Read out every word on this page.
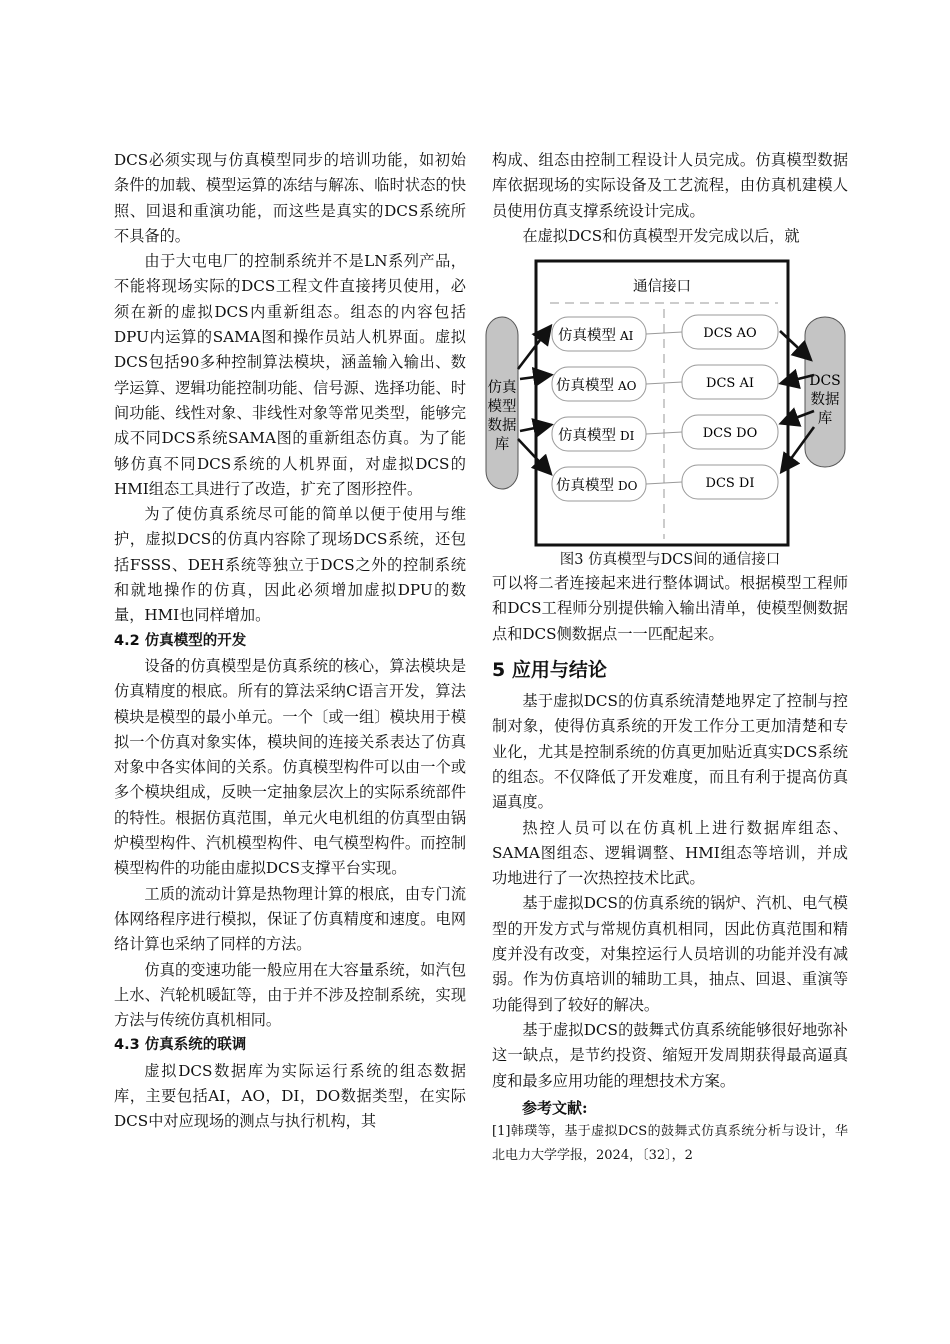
DCS必须实现与仿真模型同步的培训功能，如初始条件的加载、模型运算的冻结与解冻、临时状态的快照、回退和重演功能，而这些是真实的DCS系统所不具备的。

由于大屯电厂的控制系统并不是LN系列产品，不能将现场实际的DCS工程文件直接拷贝使用，必须在新的虚拟DCS内重新组态。组态的内容包括DPU内运算的SAMA图和操作员站人机界面。虚拟DCS包括90多种控制算法模块，涵盖输入输出、数学运算、逻辑功能控制功能、信号源、选择功能、时间功能、线性对象、非线性对象等常见类型，能够完成不同DCS系统SAMA图的重新组态仿真。为了能够仿真不同DCS系统的人机界面，对虚拟DCS的HMI组态工具进行了改造，扩充了图形控件。

为了使仿真系统尽可能的简单以便于使用与维护，虚拟DCS的仿真内容除了现场DCS系统，还包括FSSS、DEH系统等独立于DCS之外的控制系统和就地操作的仿真，因此必须增加虚拟DPU的数量，HMI也同样增加。

4.2 仿真模型的开发

设备的仿真模型是仿真系统的核心，算法模块是仿真精度的根底。所有的算法采纳C语言开发，算法模块是模型的最小单元。一个〔或一组〕模块用于模拟一个仿真对象实体，模块间的连接关系表达了仿真对象中各实体间的关系。仿真模型构件可以由一个或多个模块组成，反映一定抽象层次上的实际系统部件的特性。根据仿真范围，单元火电机组的仿真型由锅炉模型构件、汽机模型构件、电气模型构件。而控制模型构件的功能由虚拟DCS支撑平台实现。

工质的流动计算是热物理计算的根底，由专门流体网络程序进行模拟，保证了仿真精度和速度。电网络计算也采纳了同样的方法。

仿真的变速功能一般应用在大容量系统，如汽包上水、汽轮机暖缸等，由于并不涉及控制系统，实现方法与传统仿真机相同。

4.3 仿真系统的联调

虚拟DCS数据库为实际运行系统的组态数据库，主要包括AI，AO，DI，DO数据类型，在实际DCS中对应现场的测点与执行机构，其

构成、组态由控制工程设计人员完成。仿真模型数据库依据现场的实际设备及工艺流程，由仿真机建模人员使用仿真支撑系统设计完成。

在虚拟DCS和仿真模型开发完成以后，就

通信接口
仿真
模型
数据
库
DCS
数据
库
仿真模型 AI
仿真模型 AO
仿真模型 DI
仿真模型 DO
DCS AO
DCS AI
DCS DO
DCS DI

图3 仿真模型与DCS间的通信接口

可以将二者连接起来进行整体调试。根据模型工程师和DCS工程师分别提供输入输出清单，使模型侧数据点和DCS侧数据点一一匹配起来。

5 应用与结论

基于虚拟DCS的仿真系统清楚地界定了控制与控制对象，使得仿真系统的开发工作分工更加清楚和专业化，尤其是控制系统的仿真更加贴近真实DCS系统的组态。不仅降低了开发难度，而且有利于提高仿真逼真度。

热控人员可以在仿真机上进行数据库组态、SAMA图组态、逻辑调整、HMI组态等培训，并成功地进行了一次热控技术比武。

基于虚拟DCS的仿真系统的锅炉、汽机、电气模型的开发方式与常规仿真机相同，因此仿真范围和精度并没有改变，对集控运行人员培训的功能并没有减弱。作为仿真培训的辅助工具，抽点、回退、重演等功能得到了较好的解决。

基于虚拟DCS的鼓舞式仿真系统能够很好地弥补这一缺点，是节约投资、缩短开发周期获得最高逼真度和最多应用功能的理想技术方案。

参考文献:

[1]韩璞等，基于虚拟DCS的鼓舞式仿真系统分析与设计，华北电力大学学报，2024，〔32〕，2
